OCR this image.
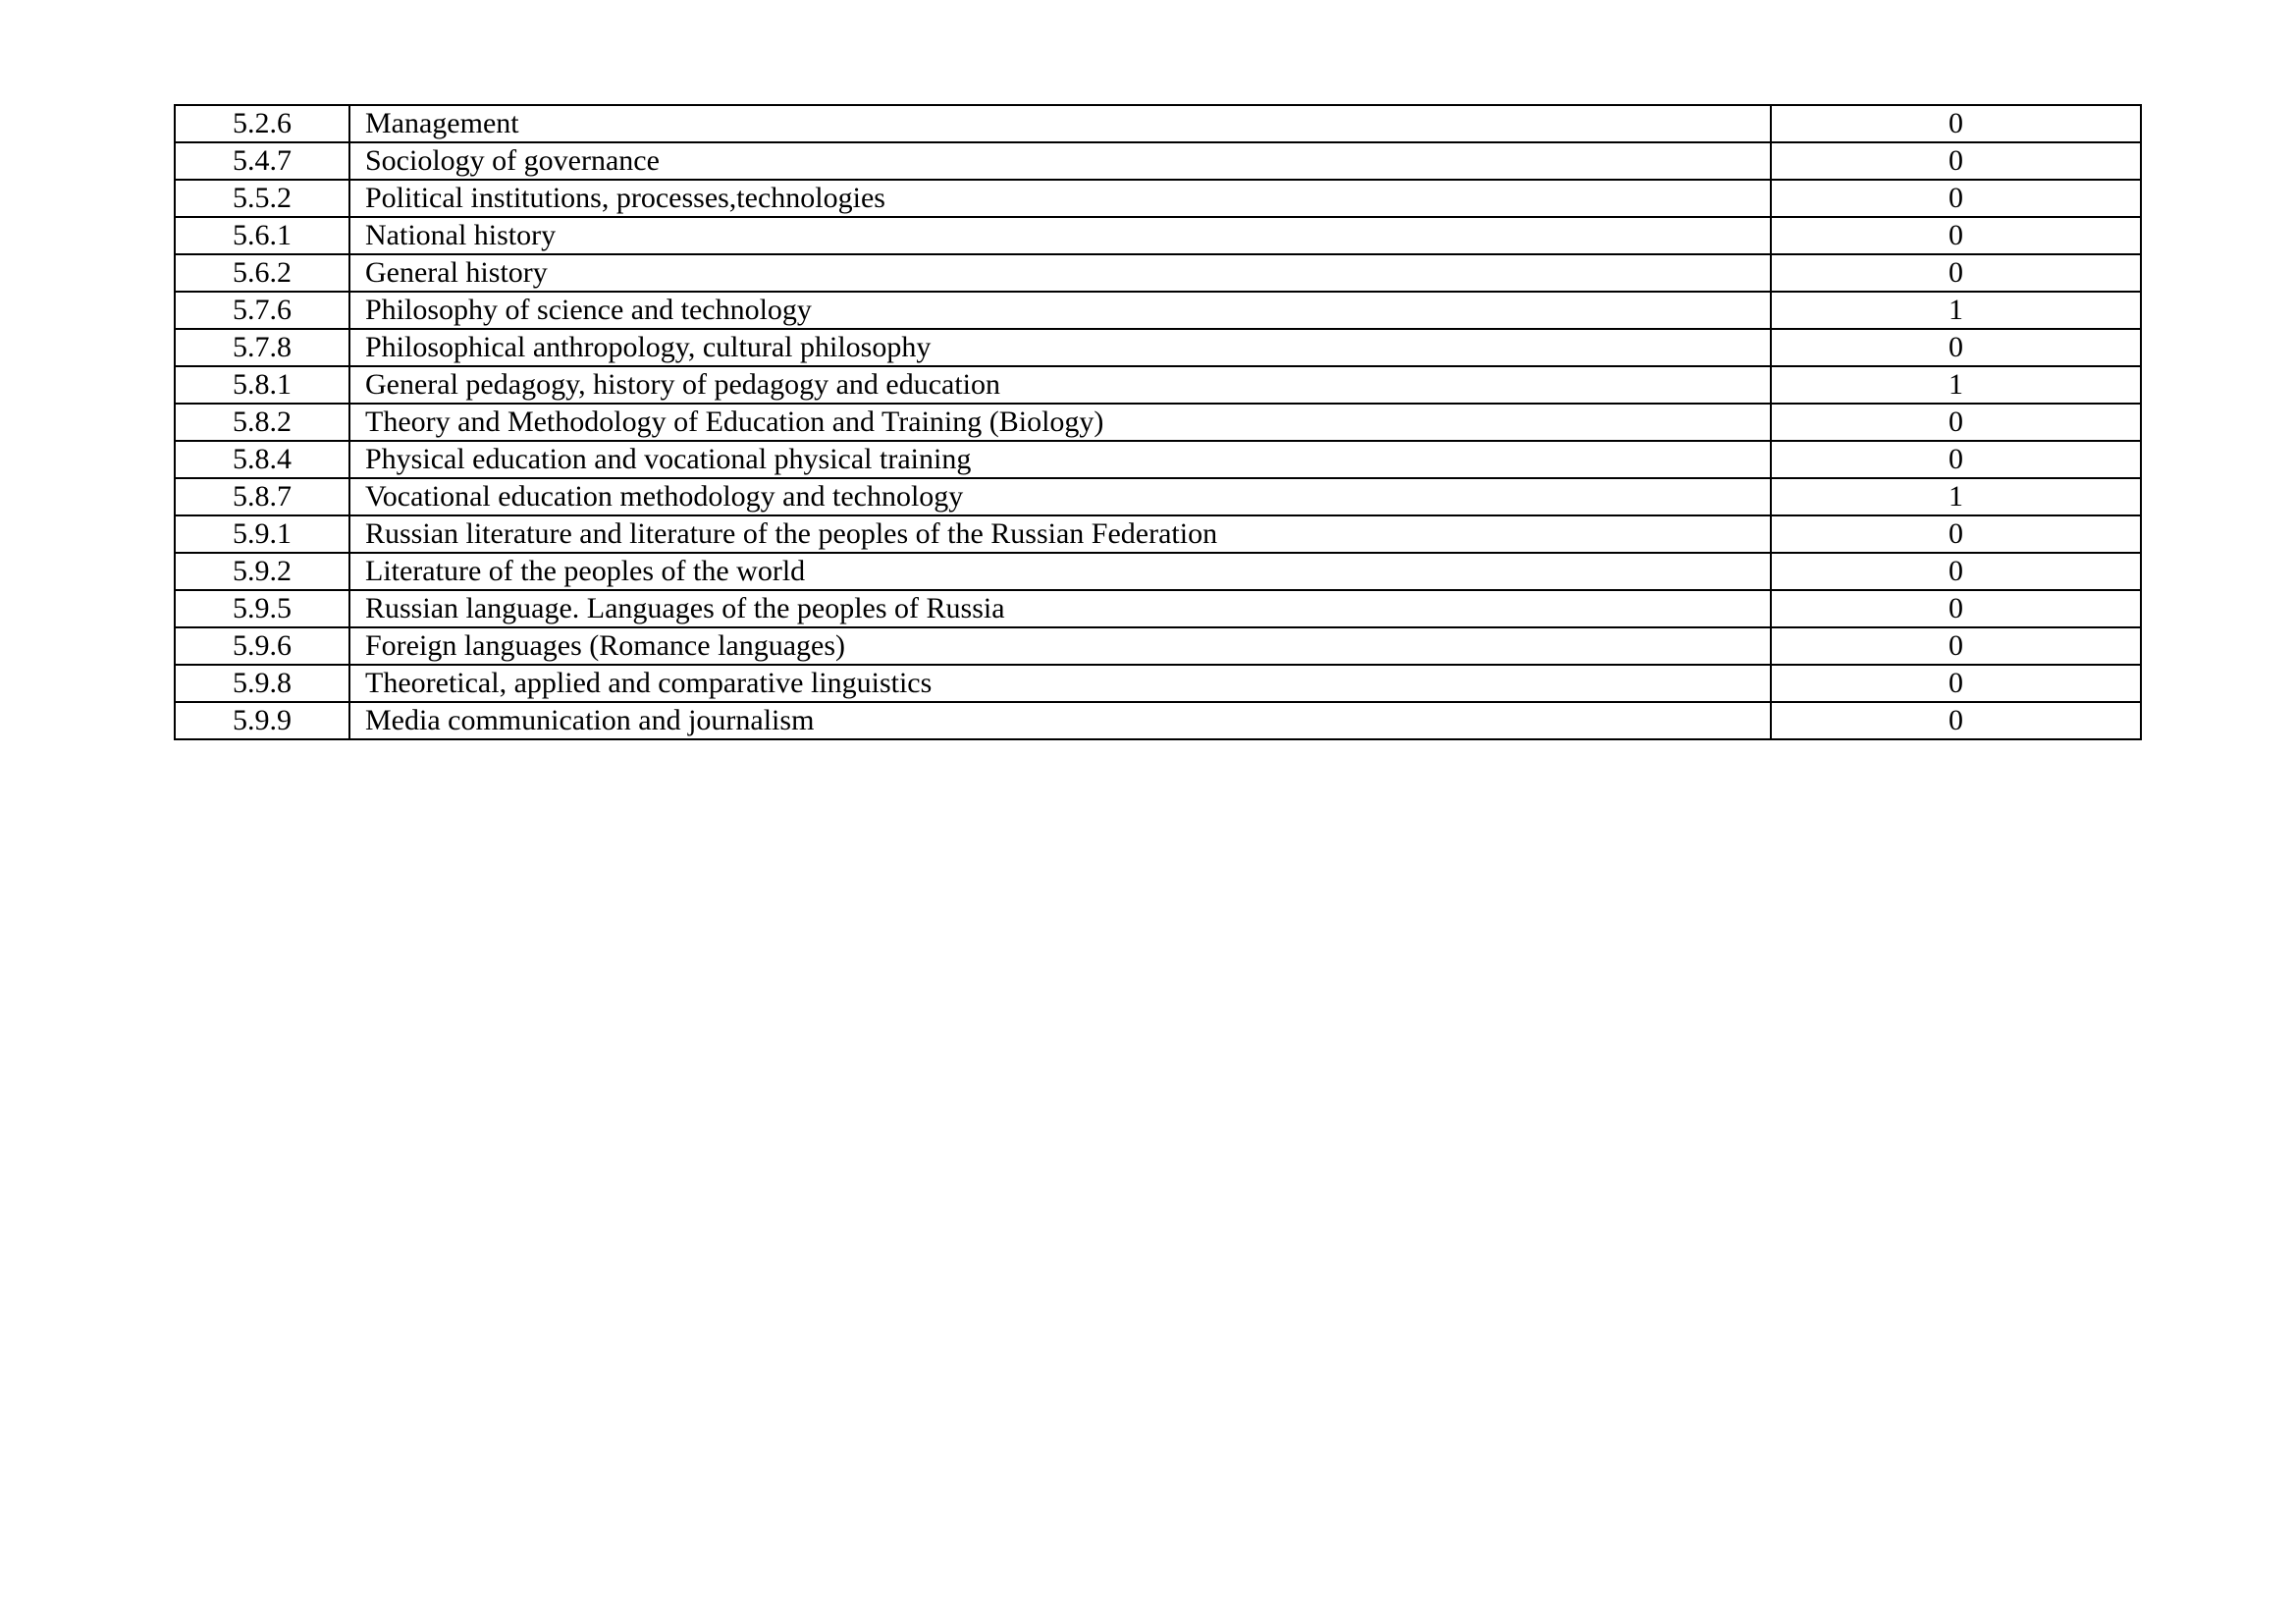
5.2.6	Management	0
5.4.7	Sociology of governance	0
5.5.2	Political institutions, processes,technologies	0
5.6.1	National history	0
5.6.2	General history	0
5.7.6	Philosophy of science and technology	1
5.7.8	Philosophical anthropology, cultural philosophy	0
5.8.1	General pedagogy, history of pedagogy and education	1
5.8.2	Theory and Methodology of Education and Training (Biology)	0
5.8.4	Physical education and vocational physical training	0
5.8.7	Vocational education methodology and technology	1
5.9.1	Russian literature and literature of the peoples of the Russian Federation	0
5.9.2	Literature of the peoples of the world	0
5.9.5	Russian language. Languages of the peoples of Russia	0
5.9.6	Foreign languages (Romance languages)	0
5.9.8	Theoretical, applied and comparative linguistics	0
5.9.9	Media communication and journalism	0
